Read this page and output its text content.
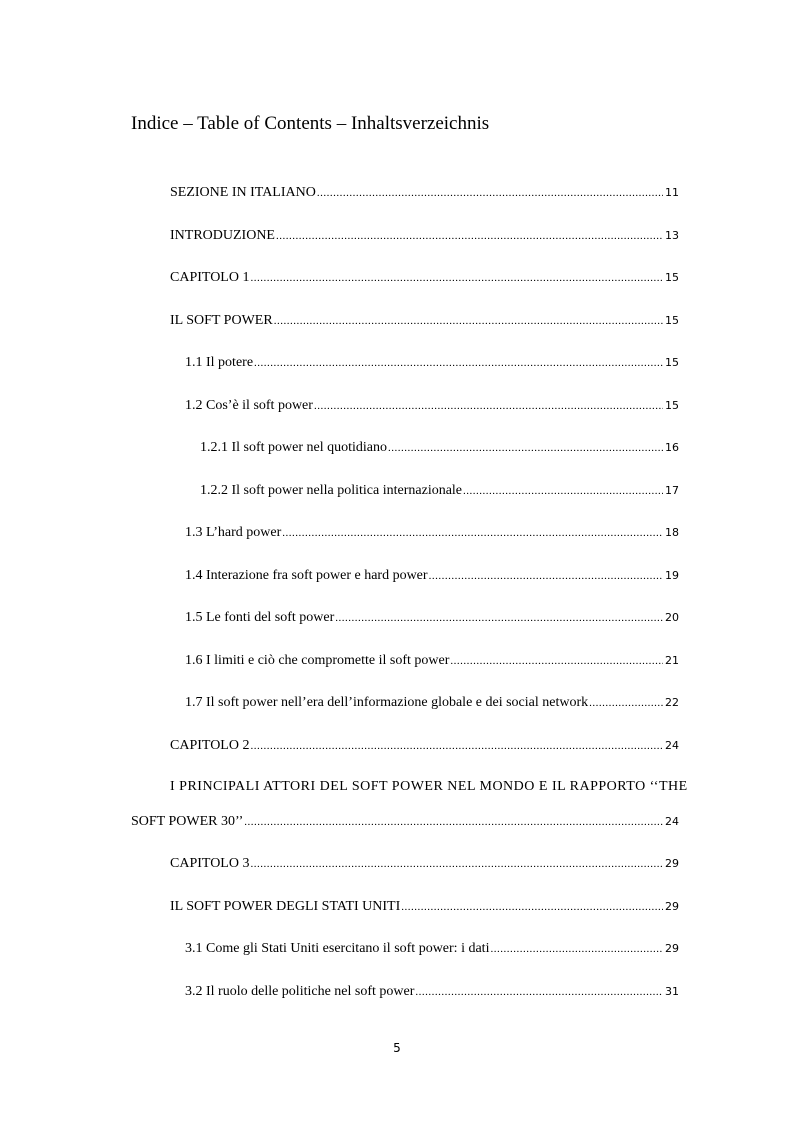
Indice – Table of Contents – Inhaltsverzeichnis
SEZIONE IN ITALIANO .....	11
INTRODUZIONE .....	13
CAPITOLO 1 .....	15
IL SOFT POWER .....	15
1.1 Il potere .....	15
1.2 Cos’è il soft power .....	15
1.2.1 Il soft power nel quotidiano .....	16
1.2.2 Il soft power nella politica internazionale .....	17
1.3 L’hard power .....	18
1.4 Interazione fra soft power e hard power .....	19
1.5 Le fonti del soft power .....	20
1.6 I limiti e ciò che compromette il soft power .....	21
1.7 Il soft power nell’era dell’informazione globale e dei social network .....	22
CAPITOLO 2 .....	24
I PRINCIPALI ATTORI DEL SOFT POWER NEL MONDO E IL RAPPORTO ‘‘THE
SOFT POWER 30’’ .....	24
CAPITOLO 3 .....	29
IL SOFT POWER DEGLI STATI UNITI .....	29
3.1 Come gli Stati Uniti esercitano il soft power: i dati .....	29
3.2 Il ruolo delle politiche nel soft power .....	31
5
